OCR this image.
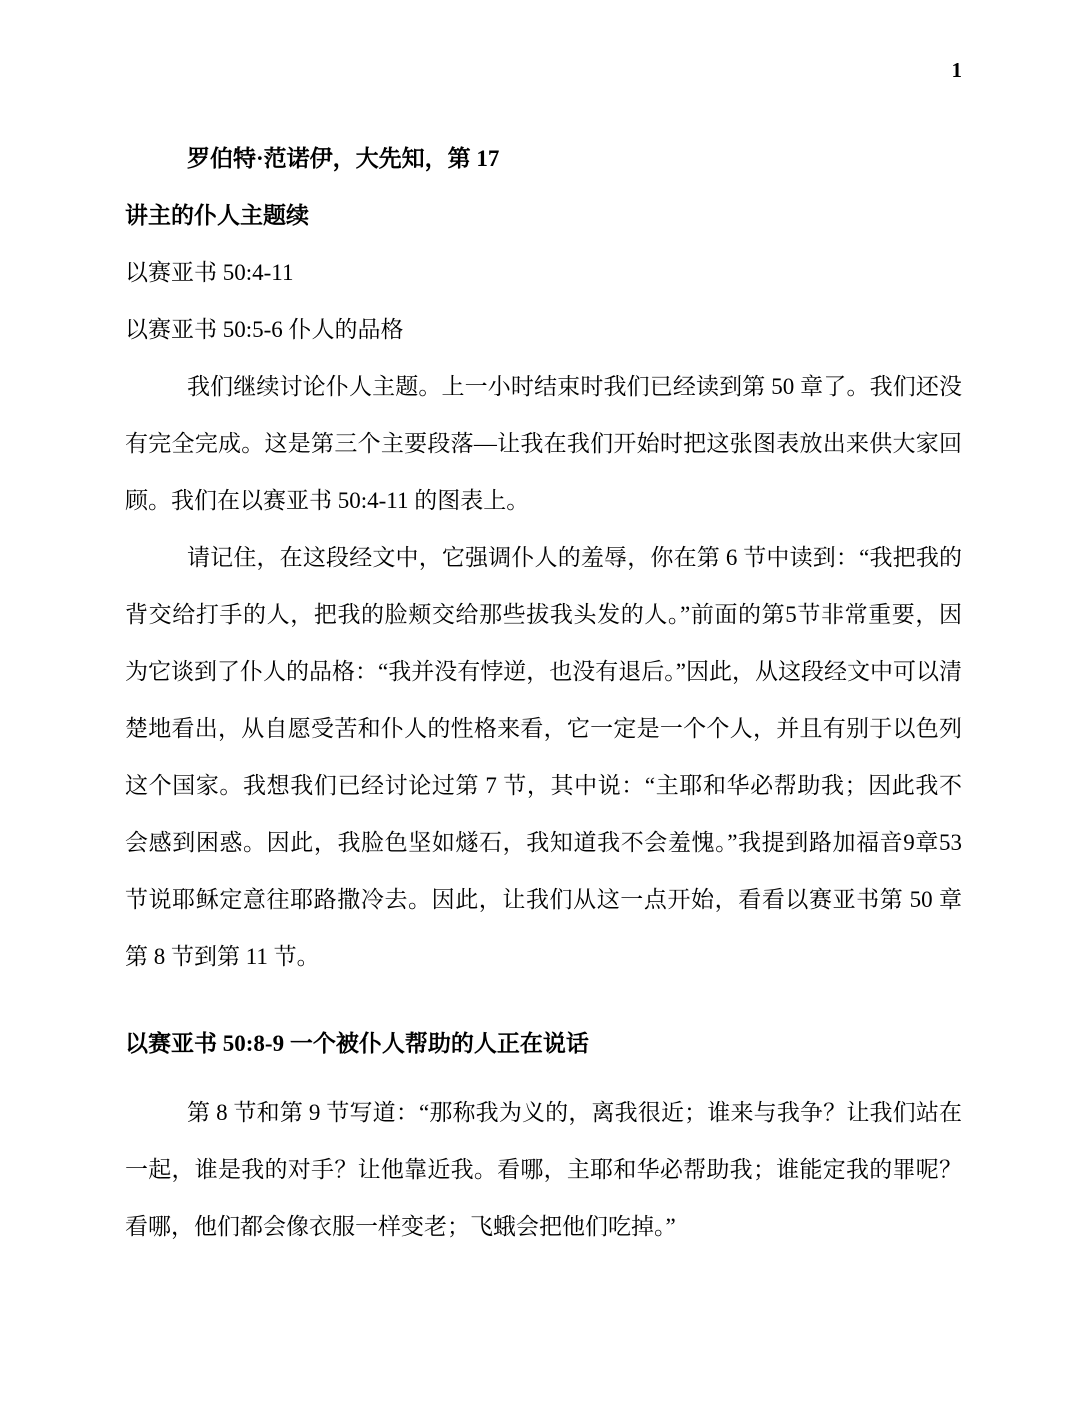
1

罗伯特·范诺伊，大先知，第 17

讲主的仆人主题续

以赛亚书 50:4-11

以赛亚书 50:5-6 仆人的品格

我们继续讨论仆人主题。上一小时结束时我们已经读到第 50 章了。我们还没有完全完成。这是第三个主要段落—让我在我们开始时把这张图表放出来供大家回顾。我们在以赛亚书 50:4-11 的图表上。

请记住，在这段经文中，它强调仆人的羞辱，你在第 6 节中读到：“我把我的背交给打手的人，把我的脸颊交给那些拔我头发的人。”前面的第5节非常重要，因为它谈到了仆人的品格：“我并没有悖逆，也没有退后。”因此，从这段经文中可以清楚地看出，从自愿受苦和仆人的性格来看，它一定是一个个人，并且有别于以色列这个国家。我想我们已经讨论过第 7 节，其中说：“主耶和华必帮助我；因此我不会感到困惑。因此，我脸色坚如燧石，我知道我不会羞愧。”我提到路加福音9章53节说耶稣定意往耶路撒冷去。因此，让我们从这一点开始，看看以赛亚书第 50 章第 8 节到第 11 节。

以赛亚书 50:8-9 一个被仆人帮助的人正在说话

第 8 节和第 9 节写道：“那称我为义的，离我很近；谁来与我争？让我们站在一起，谁是我的对手？让他靠近我。看哪，主耶和华必帮助我；谁能定我的罪呢？看哪，他们都会像衣服一样变老；飞蛾会把他们吃掉。”
